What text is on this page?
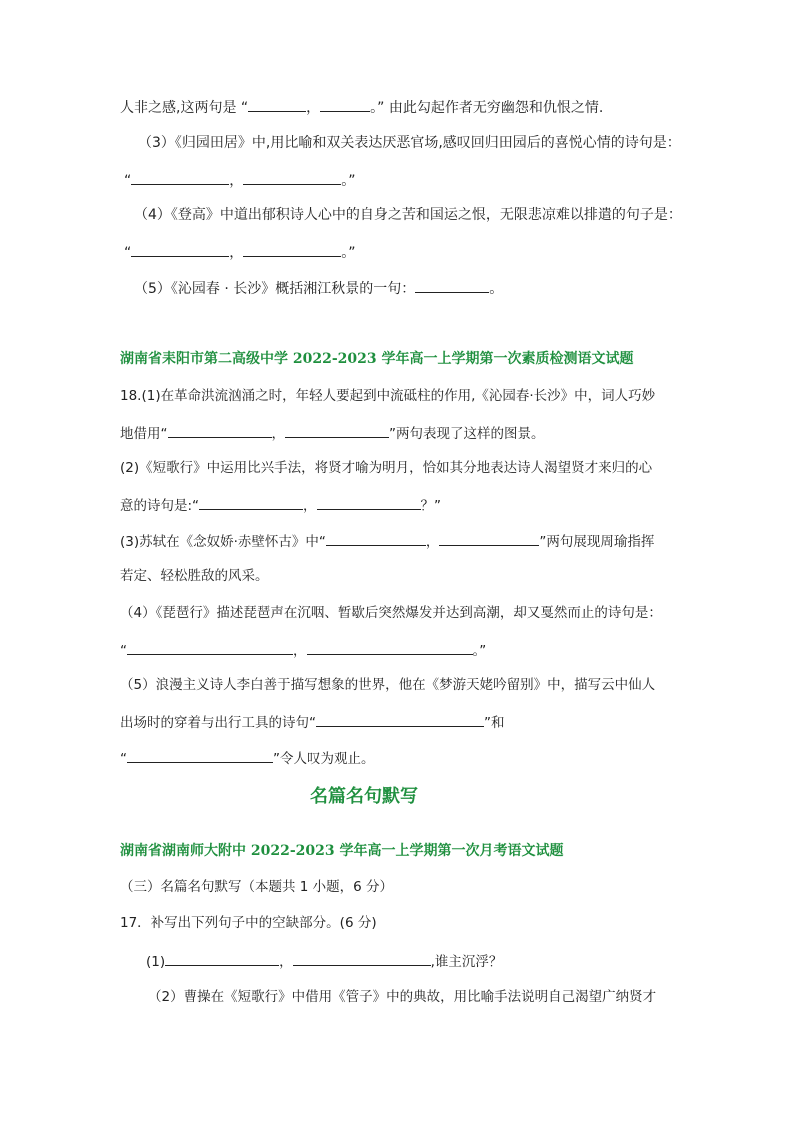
人非之感,这两句是 “	，	。” 由此勾起作者无穷幽怨和仇恨之情.
（3）《归园田居》中,用比喻和双关表达厌恶官场,感叹回归田园后的喜悦心情的诗句是：
“	，	。”
（4）《登高》中道出郁积诗人心中的自身之苦和国运之恨，无限悲凉难以排遣的句子是：
“	，	。”
（5）《沁园春 · 长沙》概括湘江秋景的一句：	。
湖南省耒阳市第二高级中学 2022-2023 学年高一上学期第一次素质检测语文试题
18.(1)在革命洪流汹涌之时，年轻人要起到中流砥柱的作用,《沁园春·长沙》中，词人巧妙
地借用“	，	”两句表现了这样的图景。
(2)《短歌行》中运用比兴手法，将贤才喻为明月，恰如其分地表达诗人渴望贤才来归的心
意的诗句是:“	，	？”
(3)苏轼在《念奴娇·赤壁怀古》中“	，	”两句展现周瑜指挥
若定、轻松胜敌的风采。
（4）《琵琶行》描述琵琶声在沉咽、暂歇后突然爆发并达到高潮，却又戛然而止的诗句是：
“	，	。”
（5）浪漫主义诗人李白善于描写想象的世界，他在《梦游天姥吟留别》中，描写云中仙人
出场时的穿着与出行工具的诗句“	”和
“	”令人叹为观止。
名篇名句默写
湖南省湖南师大附中 2022-2023 学年高一上学期第一次月考语文试题
（三）名篇名句默写（本题共 1 小题，6 分）
17．补写出下列句子中的空缺部分。(6 分)
(1)	，	,谁主沉浮？
（2）曹操在《短歌行》中借用《管子》中的典故，用比喻手法说明自己渴望广纳贤才
